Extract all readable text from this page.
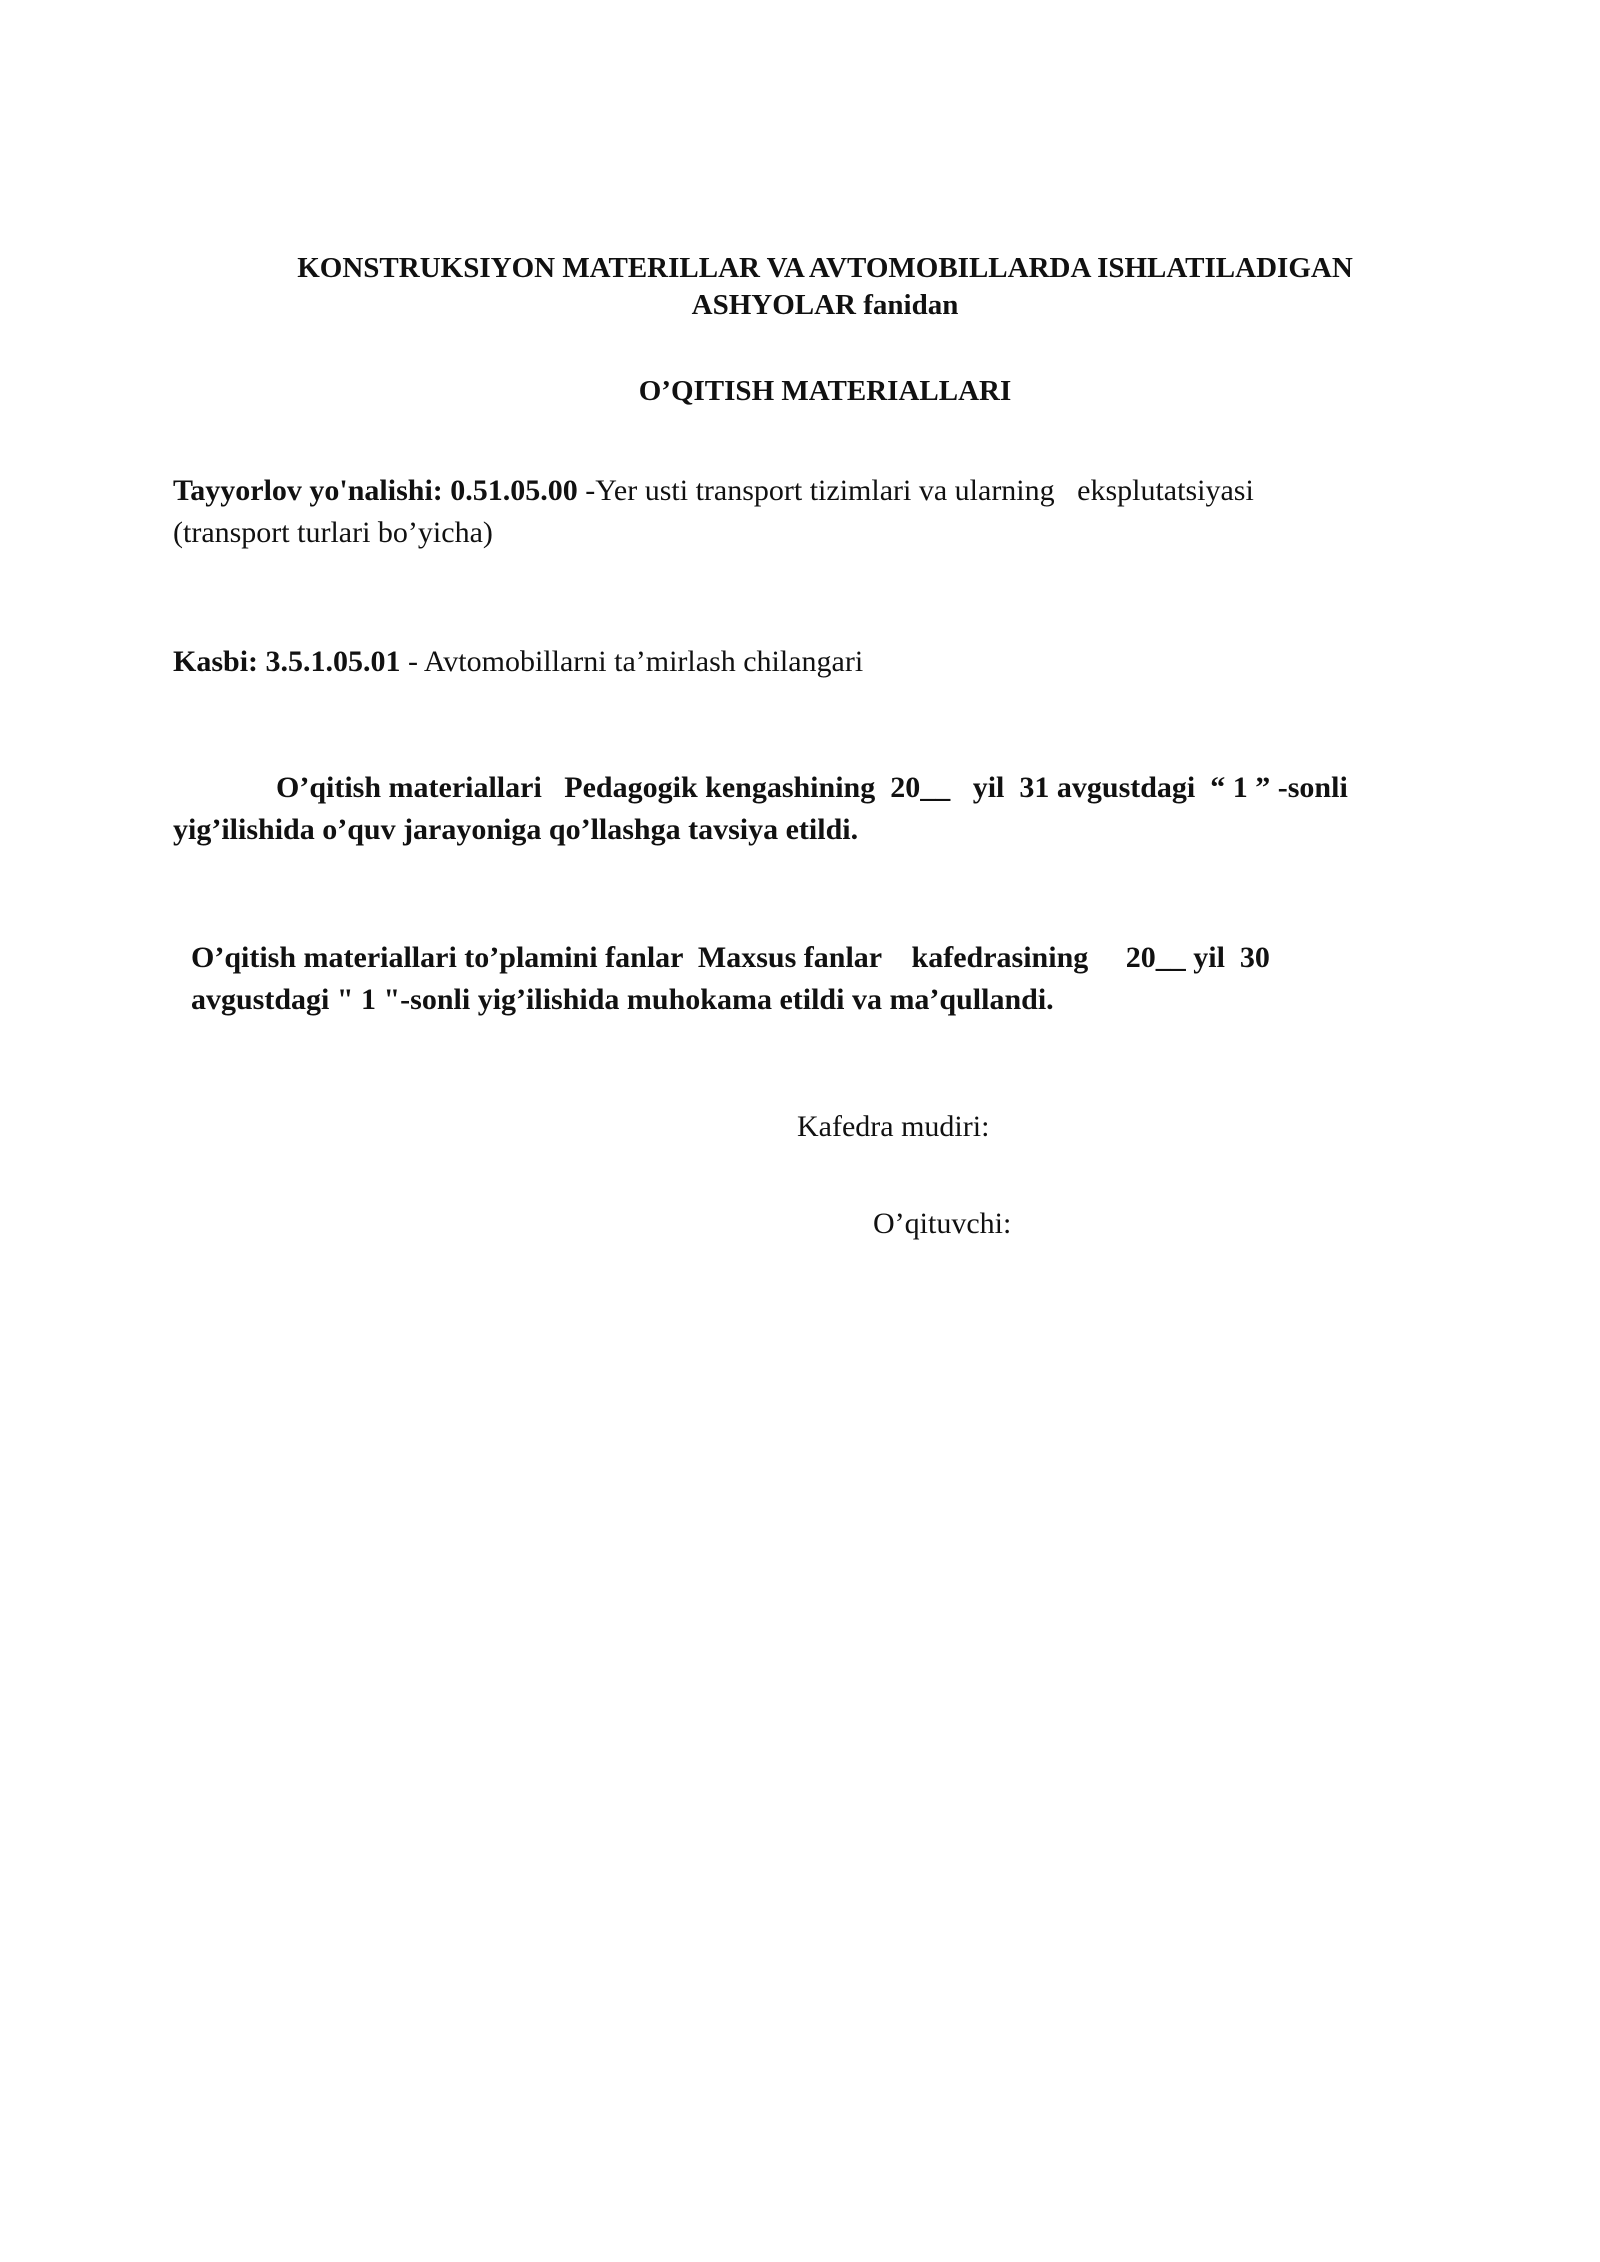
KONSTRUKSIYON MATERILLAR VA AVTOMOBILLARDA ISHLATILADIGAN
ASHYOLAR fanidan
O’QITISH MATERIALLARI
Tayyorlov yo'nalishi: 0.51.05.00 -Yer usti transport tizimlari va ularning   eksplutatsiyasi
(transport turlari bo’yicha)
Kasbi: 3.5.1.05.01 - Avtomobillarni ta’mirlash chilangari
O’qitish materiallari   Pedagogik kengashining  20__   yil  31 avgustdagi  “ 1 ” -sonli
yig’ilishida o’quv jarayoniga qo’llashga tavsiya etildi.
O’qitish materiallari to’plamini fanlar  Maxsus fanlar    kafedrasining     20__ yil  30
avgustdagi " 1 "-sonli yig’ilishida muhokama etildi va ma’qullandi.
Kafedra mudiri:
O’qituvchi:
